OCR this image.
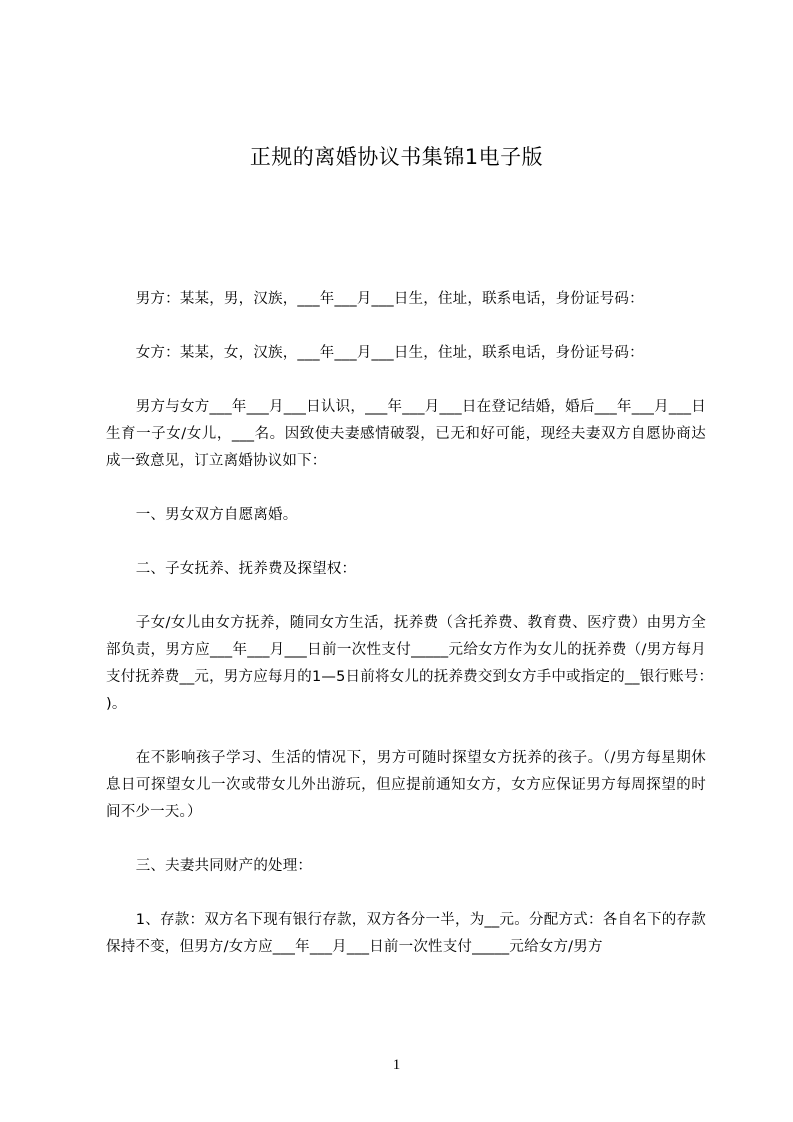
正规的离婚协议书集锦1电子版

男方：某某，男，汉族，___年___月___日生，住址，联系电话，身份证号码：

女方：某某，女，汉族，___年___月___日生，住址，联系电话，身份证号码：

男方与女方___年___月___日认识，___年___月___日在登记结婚，婚后___年___月___日生育一子女/女儿，___名。因致使夫妻感情破裂，已无和好可能，现经夫妻双方自愿协商达成一致意见，订立离婚协议如下：

一、男女双方自愿离婚。

二、子女抚养、抚养费及探望权：

子女/女儿由女方抚养，随同女方生活，抚养费（含托养费、教育费、医疗费）由男方全部负责，男方应___年___月___日前一次性支付_____元给女方作为女儿的抚养费（/男方每月支付抚养费__元，男方应每月的1—5日前将女儿的抚养费交到女方手中或指定的__银行账号：)。

在不影响孩子学习、生活的情况下，男方可随时探望女方抚养的孩子。（/男方每星期休息日可探望女儿一次或带女儿外出游玩，但应提前通知女方，女方应保证男方每周探望的时间不少一天。）

三、夫妻共同财产的处理：

1、存款：双方名下现有银行存款，双方各分一半，为__元。分配方式：各自名下的存款保持不变，但男方/女方应___年___月___日前一次性支付_____元给女方/男方

1
